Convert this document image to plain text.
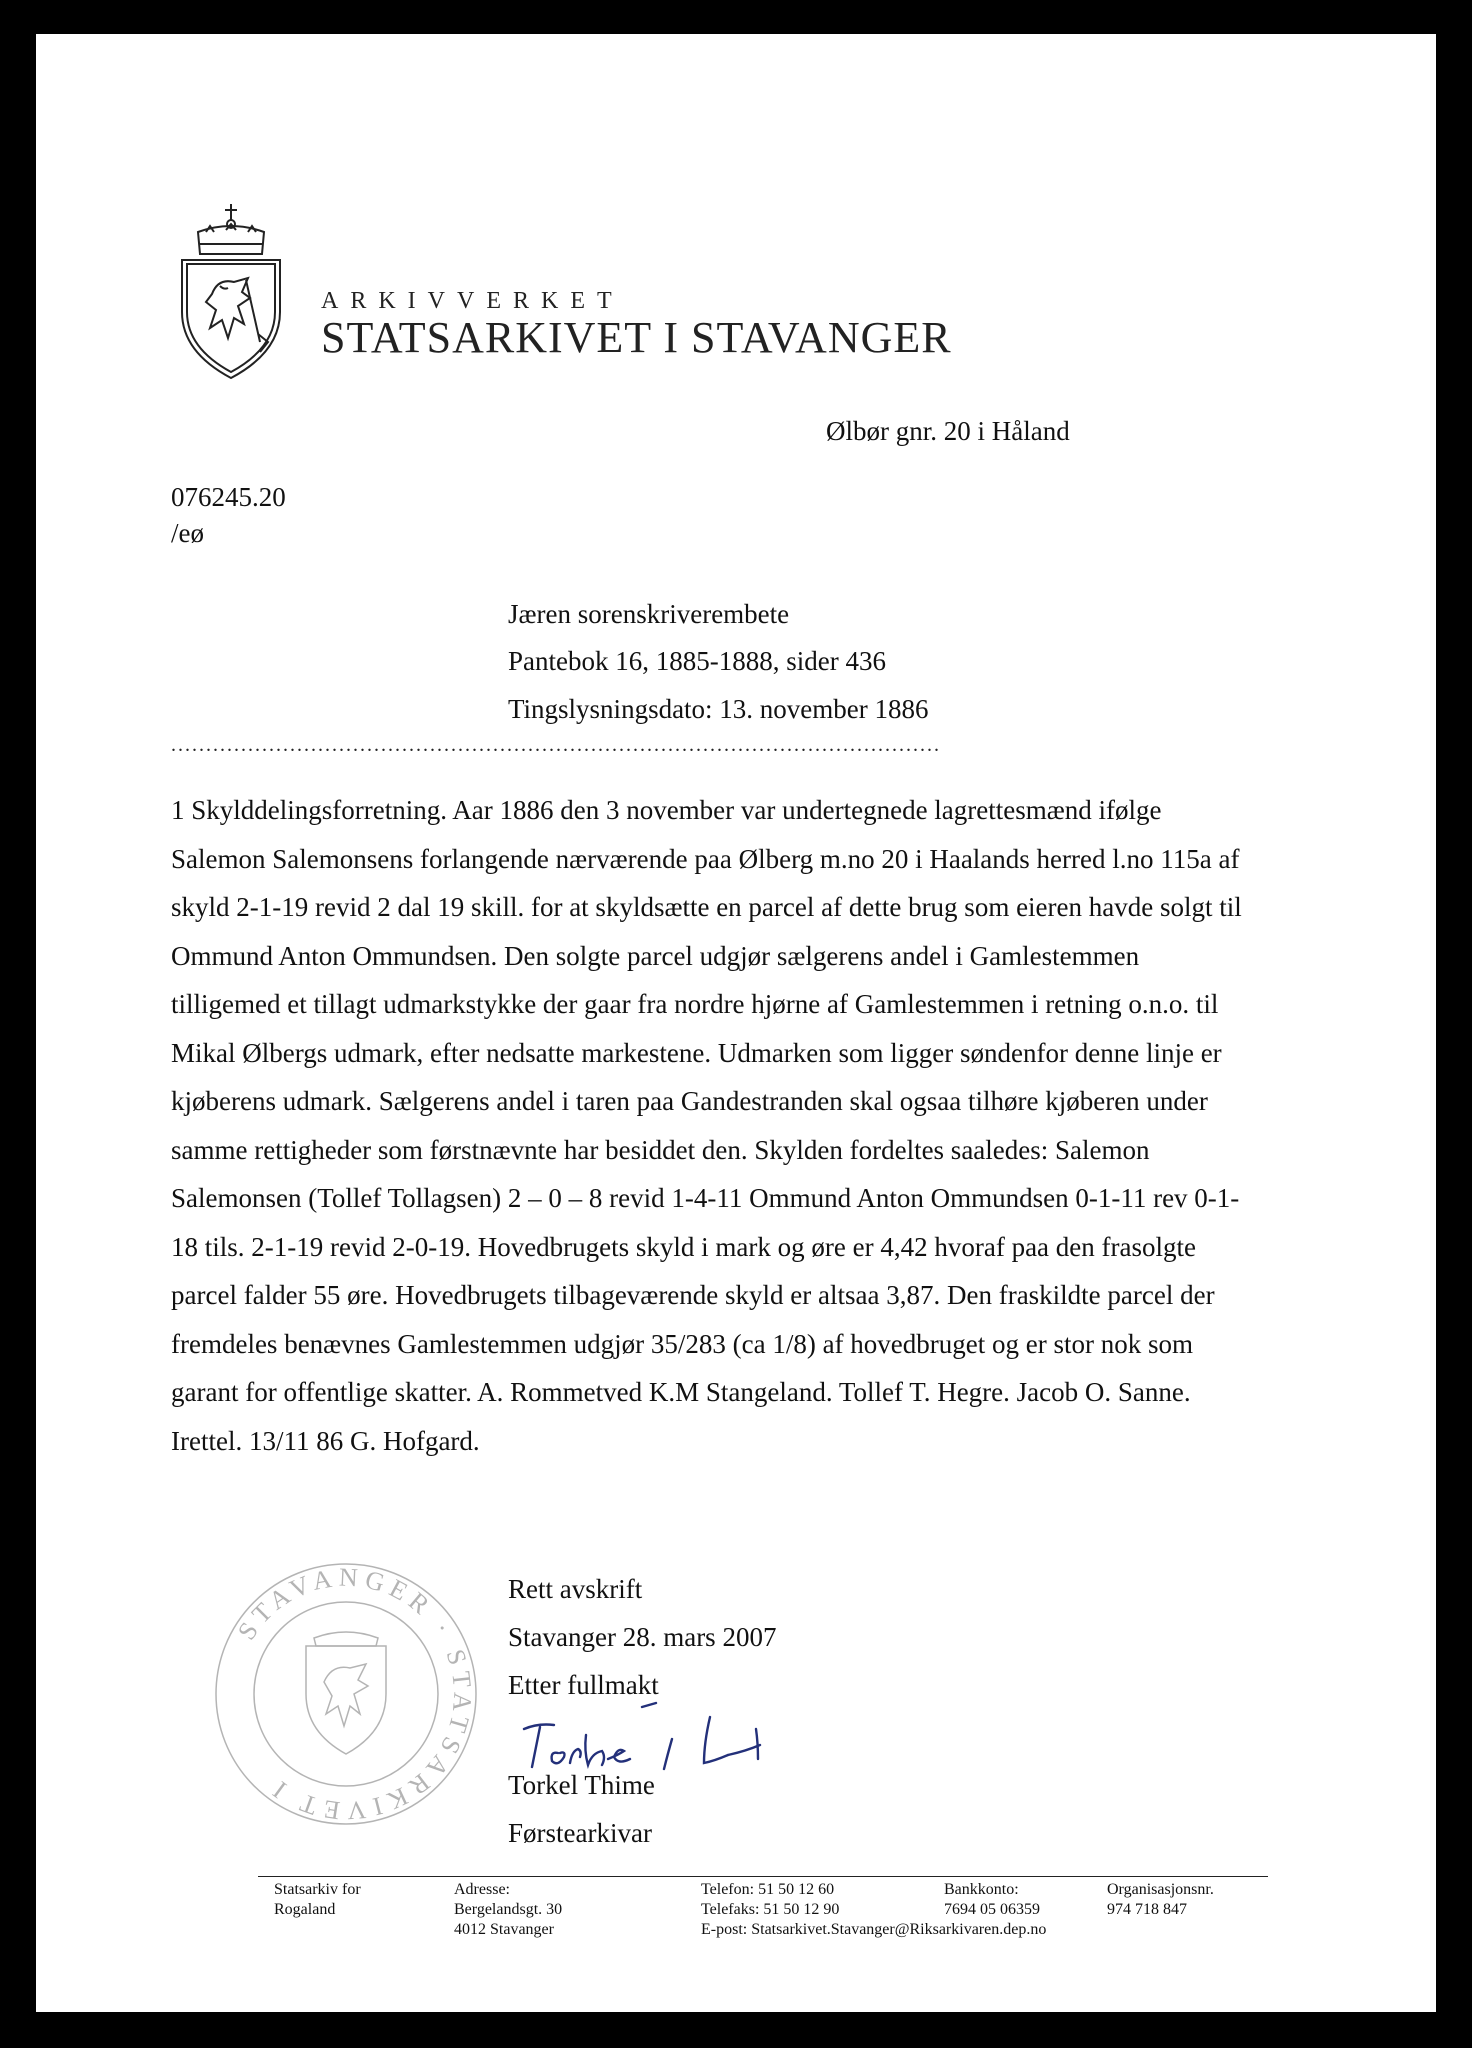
ARKIVVERKET
STATSARKIVET I STAVANGER
Ølbør gnr. 20 i Håland
076245.20
/eø
Jæren sorenskriverembete
Pantebok 16, 1885-1888, sider 436
Tingslysningsdato: 13. november 1886
..............................................................................................................
1 Skylddelingsforretning. Aar 1886 den 3 november var undertegnede lagrettesmænd ifølge
Salemon Salemonsens forlangende nærværende paa Ølberg m.no 20 i Haalands herred l.no 115a af
skyld 2-1-19 revid 2 dal 19 skill. for at skyldsætte en parcel af dette brug som eieren havde solgt til
Ommund Anton Ommundsen. Den solgte parcel udgjør sælgerens andel i Gamlestemmen
tilligemed et tillagt udmarkstykke der gaar fra nordre hjørne af Gamlestemmen i retning o.n.o. til
Mikal Ølbergs udmark, efter nedsatte markestene. Udmarken som ligger søndenfor denne linje er
kjøberens udmark. Sælgerens andel i taren paa Gandestranden skal ogsaa tilhøre kjøberen under
samme rettigheder som førstnævnte har besiddet den. Skylden fordeltes saaledes: Salemon
Salemonsen (Tollef Tollagsen) 2 – 0 – 8 revid 1-4-11 Ommund Anton Ommundsen 0-1-11 rev 0-1-
18 tils. 2-1-19 revid 2-0-19. Hovedbrugets skyld i mark og øre er 4,42 hvoraf paa den frasolgte
parcel falder 55 øre. Hovedbrugets tilbageværende skyld er altsaa 3,87. Den fraskildte parcel der
fremdeles benævnes Gamlestemmen udgjør 35/283 (ca 1/8) af hovedbruget og er stor nok som
garant for offentlige skatter. A. Rommetved K.M Stangeland. Tollef T. Hegre. Jacob O. Sanne.
Irettel. 13/11 86 G. Hofgard.
STAVANGER · STATSARKIVET I
Rett avskrift
Stavanger 28. mars 2007
Etter fullmakt
Torkel Thime
Førstearkivar
Statsarkiv for
Rogaland
Adresse:
Bergelandsgt. 30
4012 Stavanger
Telefon: 51 50 12 60
Telefaks: 51 50 12 90
E-post: Statsarkivet.Stavanger@Riksarkivaren.dep.no
Bankkonto:
7694 05 06359
Organisasjonsnr.
974 718 847
